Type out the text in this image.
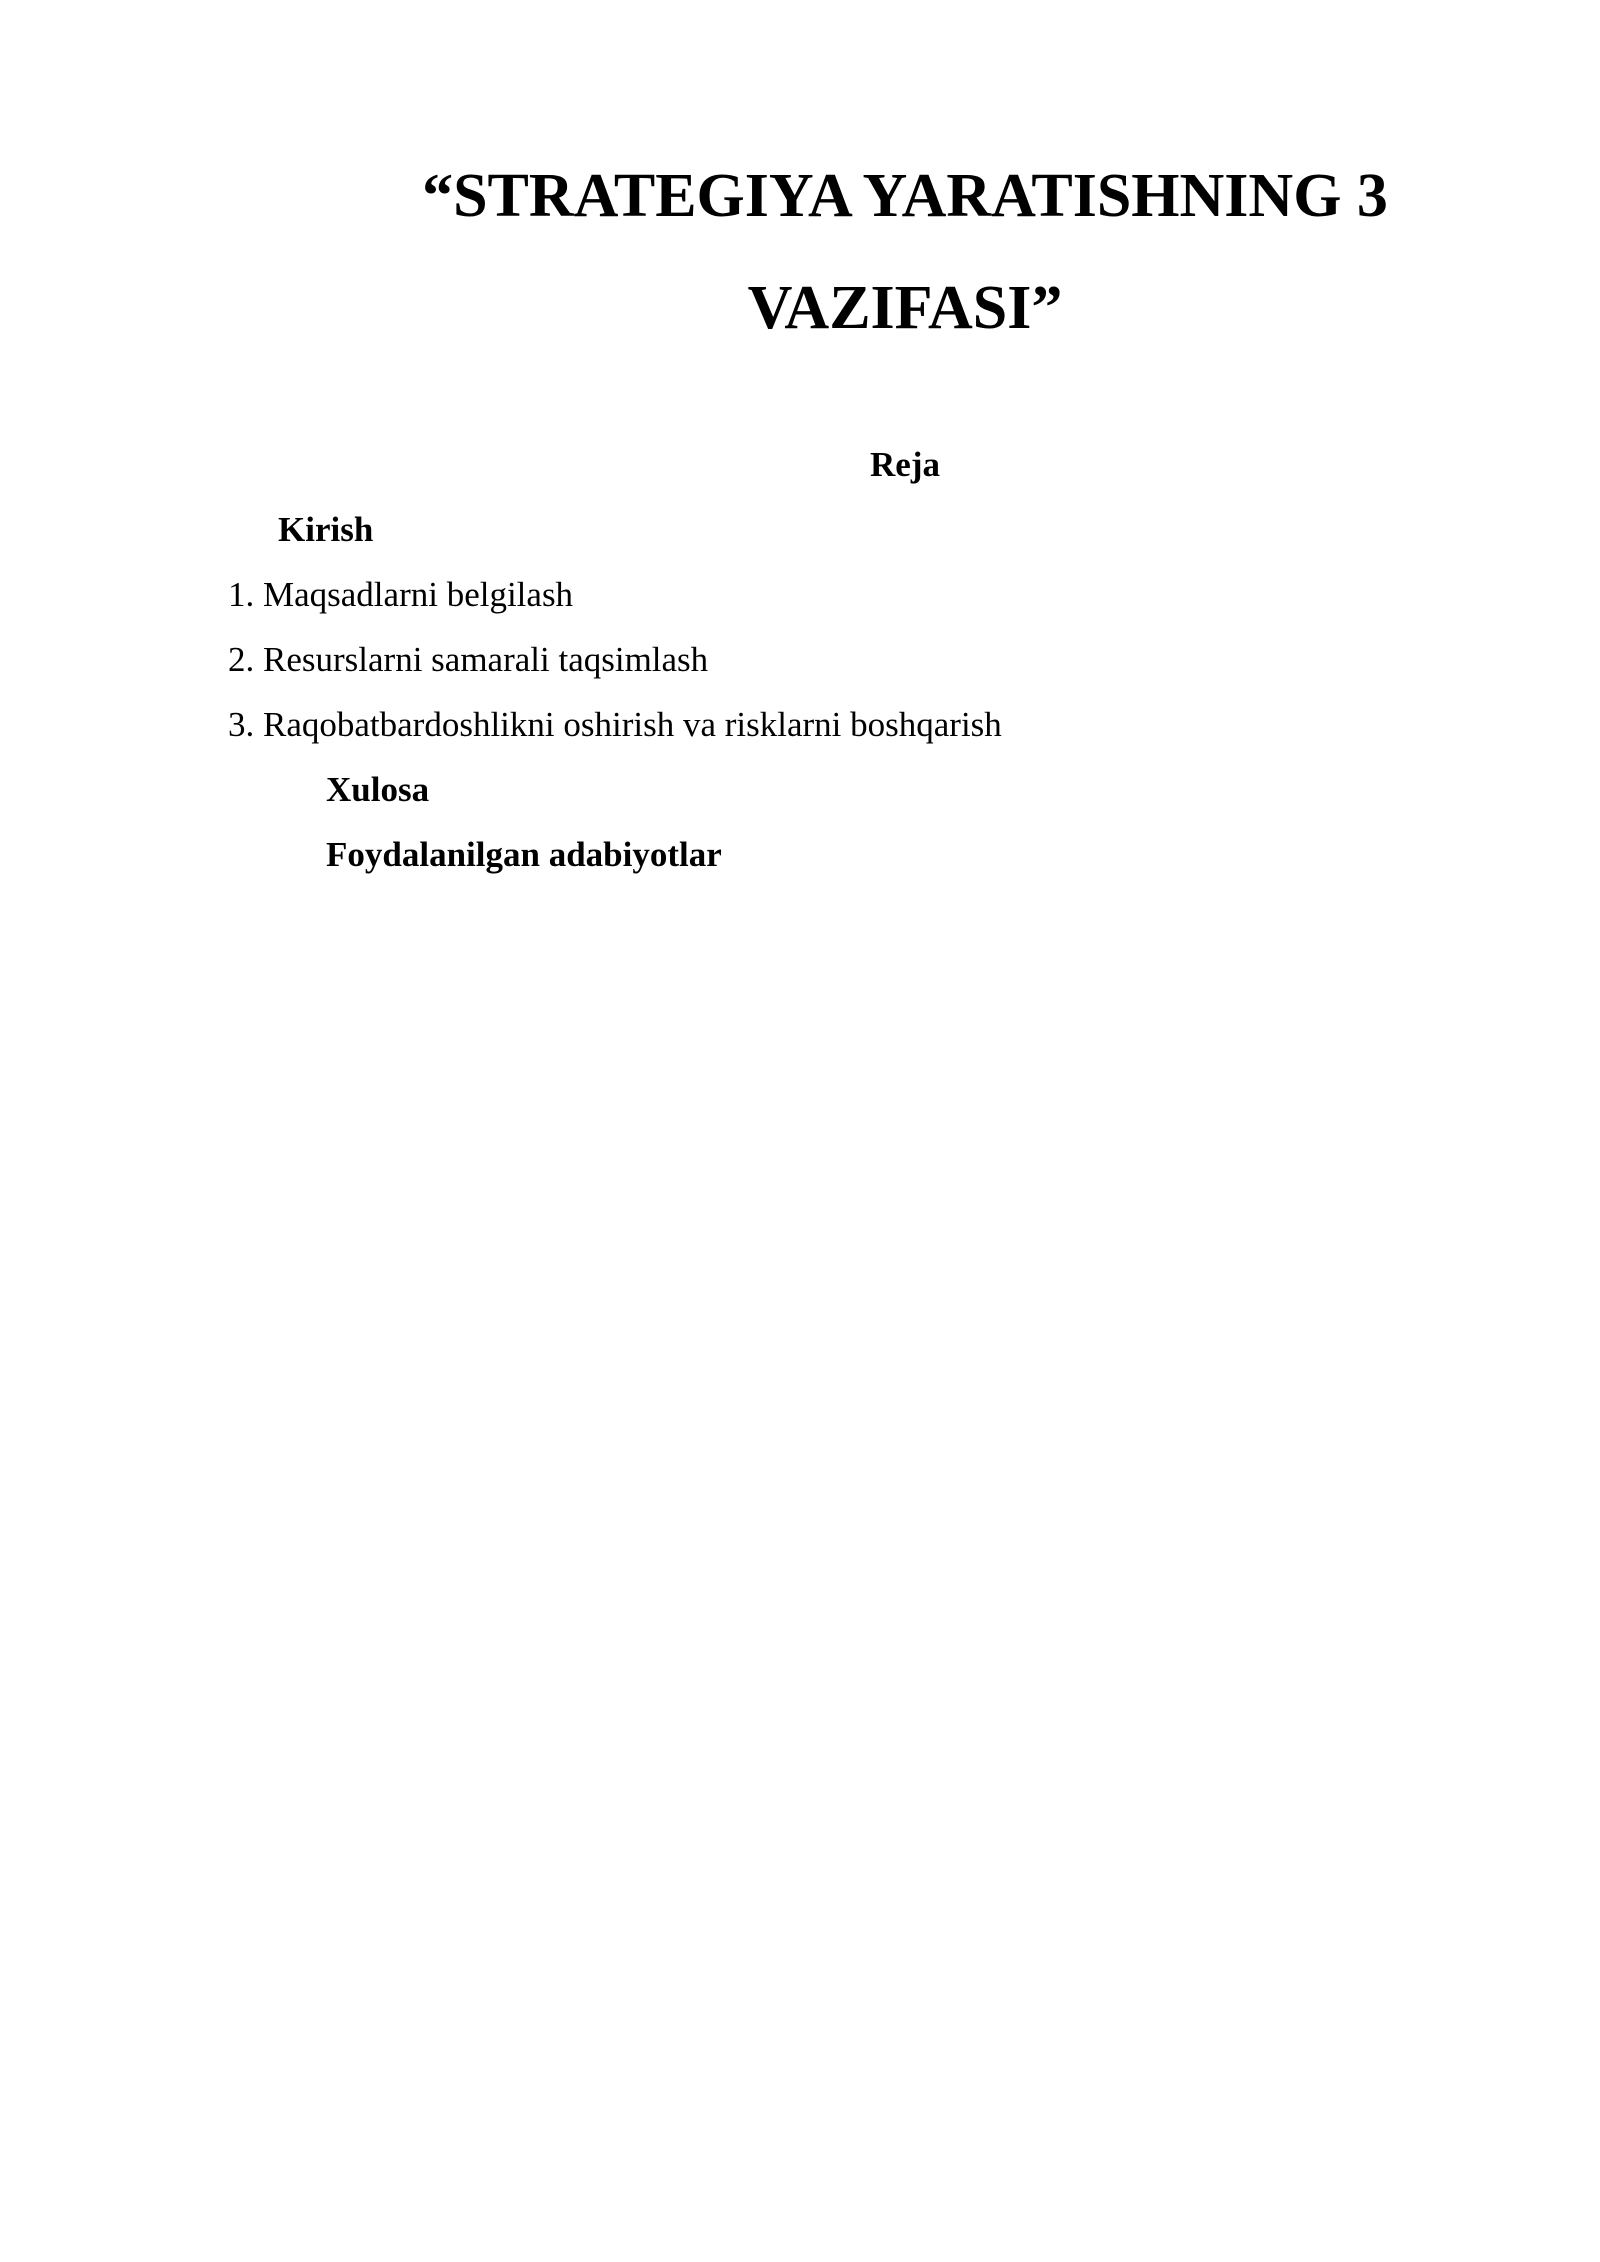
“STRATEGIYA YARATISHNING 3 VAZIFASI”

Reja

Kirish

1. Maqsadlarni belgilash

2. Resurslarni samarali taqsimlash

3. Raqobatbardoshlikni oshirish va risklarni boshqarish

Xulosa

Foydalanilgan adabiyotlar
